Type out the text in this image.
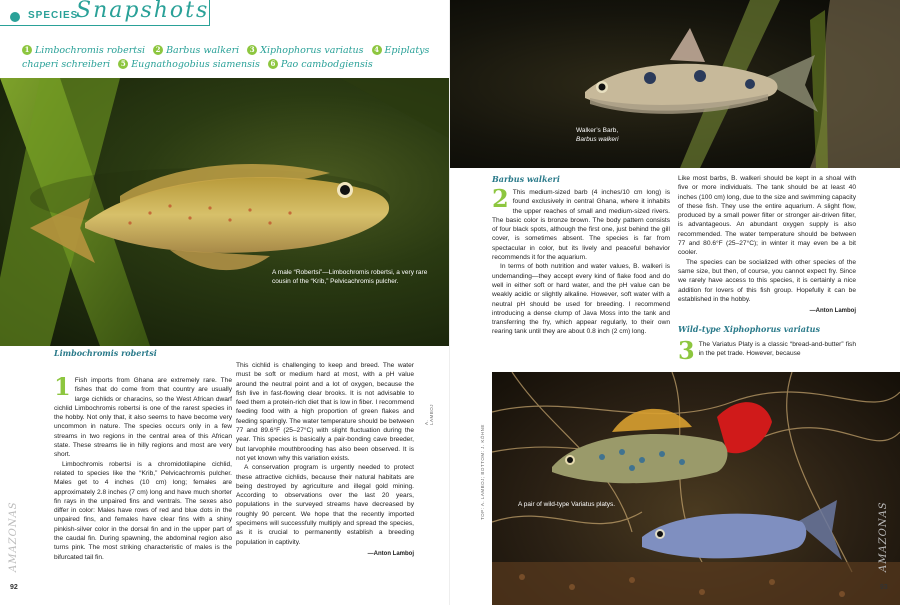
SPECIES
Snapshots
1 Limbochromis robertsi 2 Barbus walkeri 3 Xiphophorus variatus 4 Epiplatys chaperi schreiberi 5 Eugnathogobius siamensis 6 Pao cambodgiensis
A male “Robertsi”—Limbochromis robertsi, a very rare cousin of the “Krib,” Pelvicachromis pulcher.
Limbochromis robertsi
1 Fish imports from Ghana are extremely rare. The fishes that do come from that country are usually large cichlids or characins, so the West African dwarf cichlid Limbochromis robertsi is one of the rarest species in the hobby. Not only that, it also seems to have become very uncommon in nature. The species occurs only in a few streams in two regions in the central area of this African state. These streams lie in hilly regions and most are very short.

Limbochromis robertsi is a chromidotilapine cichlid, related to species like the “Krib,” Pelvicachromis pulcher. Males get to 4 inches (10 cm) long; females are approximately 2.8 inches (7 cm) long and have much shorter fin rays in the unpaired fins and ventrals. The sexes also differ in color: Males have rows of red and blue dots in the unpaired fins, and females have clear fins with a shiny pinkish-silver color in the dorsal fin and in the upper part of the caudal fin. During spawning, the abdominal region also turns pink. The most striking characteristic of males is the bifurcated tail fin.

This cichlid is challenging to keep and breed. The water must be soft or medium hard at most, with a pH value around the neutral point and a lot of oxygen, because the fish live in fast-flowing clear brooks. It is not advisable to feed them a protein-rich diet that is low in fiber. I recommend feeding food with a high proportion of green flakes and feeding sparingly. The water temperature should be between 77 and 89.6°F (25–27°C) with slight fluctuation during the year. This species is basically a pair-bonding cave breeder, but larvophile mouthbrooding has also been observed. It is not yet known why this variation exists.

A conservation program is urgently needed to protect these attractive cichlids, because their natural habitats are being destroyed by agriculture and illegal gold mining. According to observations over the last 20 years, populations in the surveyed streams have decreased by roughly 90 percent. We hope that the recently imported specimens will successfully multiply and spread the species, as it is crucial to permanently establish a breeding population in captivity.

—Anton Lamboj

A. LAMBOJ
AMAZONAS
92
Walker’s Barb,
Barbus walkeri
Barbus walkeri
2 This medium-sized barb (4 inches/10 cm long) is found exclusively in central Ghana, where it inhabits the upper reaches of small and medium-sized rivers. The basic color is bronze brown. The body pattern consists of four black spots, although the first one, just behind the gill cover, is sometimes absent. The species is far from spectacular in color, but its lively and peaceful behavior recommends it for the aquarium.

In terms of both nutrition and water values, B. walkeri is undemanding—they accept every kind of flake food and do well in either soft or hard water, and the pH value can be weakly acidic or slightly alkaline. However, soft water with a neutral pH should be used for breeding. I recommend introducing a dense clump of Java Moss into the tank and transferring the fry, which appear regularly, to their own rearing tank until they are about 0.8 inch (2 cm) long.

Like most barbs, B. walkeri should be kept in a shoal with five or more individuals. The tank should be at least 40 inches (100 cm) long, due to the size and swimming capacity of these fish. They use the entire aquarium. A slight flow, produced by a small power filter or stronger air-driven filter, is advantageous. An abundant oxygen supply is also recommended. The water temperature should be between 77 and 80.6°F (25–27°C); in winter it may even be a bit cooler.

The species can be socialized with other species of the same size, but then, of course, you cannot expect fry. Since we rarely have access to this species, it is certainly a nice addition for lovers of this fish group. Hopefully it can be established in the hobby.

—Anton Lamboj

Wild-type Xiphophorus variatus
3 The Variatus Platy is a classic “bread-and-butter” fish in the pet trade. However, because

A pair of wild-type Variatus platys.
TOP: A. LAMBOJ; BOTTOM: J. KÖHNE
AMAZONAS
93
